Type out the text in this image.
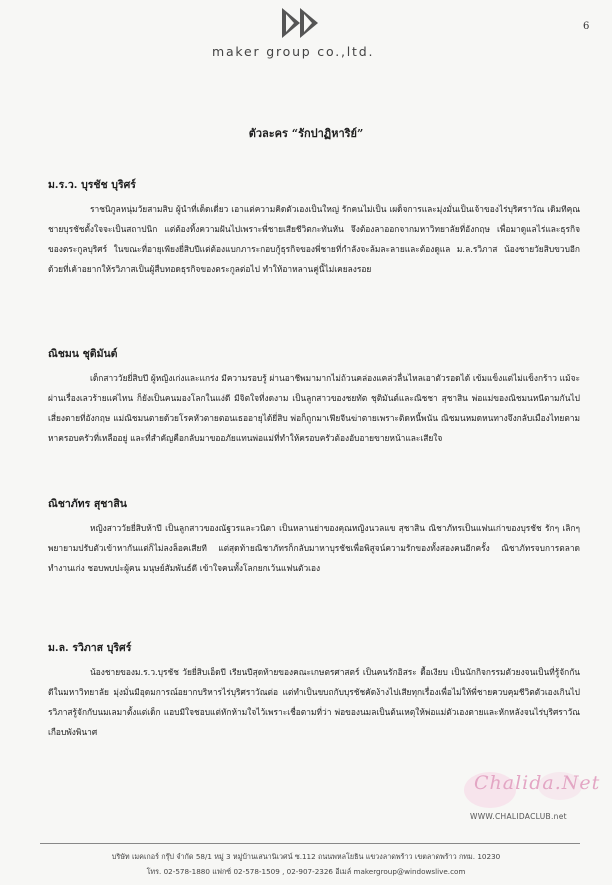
6
maker group co.,ltd.
ตัวละคร “รักปาฏิหาริย์”
ม.ร.ว. บุรชัช บุริศร์

ราชนิกูลหนุ่มวัยสามสิบ ผู้นำที่เด็ดเดี่ยว เอาแต่ความคิดตัวเองเป็นใหญ่ รักคนไม่เป็น เผด็จการและมุ่งมั่นเป็นเจ้าของไร่บุริศราวัณ เดิมทีคุณชายบุรชัชตั้งใจจะเป็นสถาปนิก แต่ต้องทิ้งความฝันไปเพราะพี่ชายเสียชีวิตกะทันหัน จึงต้องลาออกจากมหาวิทยาลัยที่อังกฤษ เพื่อมาดูแลไร่และธุรกิจของตระกูลบุริศร์ ในขณะที่อายุเพียงยี่สิบปีแต่ต้องแบกภาระกอบกู้ธุรกิจของพี่ชายที่กำลังจะล้มละลายและต้องดูแล ม.ล.รวิภาส น้องชายวัยสิบขวบอีกด้วยที่เค้าอยากให้รวิภาสเป็นผู้สืบทอดธุรกิจของตระกูลต่อไป ทำให้อาหลานคู่นี้ไม่เคยลงรอย

ณิชมน ชุติมันต์

เด็กสาววัยยี่สิบปี ผู้หญิงเก่งและแกร่ง มีความรอบรู้ ผ่านอาชีพมามากไม่ถ้วนคล่องแคล่วลื่นไหลเอาตัวรอดได้ เข้มแข็งแต่ไม่แข็งกร้าว แม้จะผ่านเรื่องเลวร้ายแค่ไหน ก็ยังเป็นคนมองโลกในแง่ดี มีจิตใจที่งดงาม เป็นลูกสาวของชยทัต ชุติมันต์และณิชชา สุชาสิน พ่อแม่ของณิชมนหนีตามกันไปเสี่ยงตายที่อังกฤษ แม่ณิชมนตายด้วยโรคหัวตายตอนเธออายุได้ยี่สิบ พ่อก็ถูกมาเฟียจีนฆ่าตายเพราะติดหนี้พนัน ณิชมนหมดหนทางจึงกลับเมืองไทยตามหาครอบครัวที่เหลืออยู่ และที่สำคัญคือกลับมาขออภัยแทนพ่อแม่ที่ทำให้ครอบครัวต้องอับอายขายหน้าและเสียใจ

ณิชาภัทร สุชาสิน

หญิงสาววัยยี่สิบห้าปี เป็นลูกสาวของณัฐวรและวนิดา เป็นหลานย่าของคุณหญิงนวลแข สุชาสิน ณิชาภัทรเป็นแฟนเก่าของบุรชัช รักๆ เลิกๆ พยายามปรับตัวเข้าหากันแต่ก็ไม่ลงล็อคเสียที แต่สุดท้ายณิชาภัทรก็กลับมาหาบุรชัชเพื่อพิสูจน์ความรักของทั้งสองคนอีกครั้ง ณิชาภัทรจบการตลาด ทำงานเก่ง ชอบพบปะผู้คน มนุษย์สัมพันธ์ดี เข้าใจคนทั้งโลกยกเว้นแฟนตัวเอง

ม.ล. รวิภาส บุริศร์

น้องชายของม.ร.ว.บุรชัช วัยยี่สิบเอ็ดปี เรียนปีสุดท้ายของคณะเกษตรศาสตร์ เป็นคนรักอิสระ ดื้อเงียบ เป็นนักกิจกรรมตัวยงจนเป็นที่รู้จักกันดีในมหาวิทยาลัย มุ่งมั่นมีอุดมการณ์อยากบริหารไร่บุริศราวัณต่อ แต่ทำเป็นขบถกับบุรชัชคัดง้างไปเสียทุกเรื่องเพื่อไม่ให้พี่ชายควบคุมชีวิตตัวเองเกินไป รวิภาสรู้จักกับนมเลมาตั้งแต่เด็ก แอบมีใจชอบแต่หักห้ามใจไว้เพราะเชื่อตามที่ว่า พ่อของนมลเป็นต้นเหตุให้พ่อแม่ตัวเองตายและหักหลังจนไร่บุริศราวัณเกือบพังพินาศ

Chalida.Net
WWW.CHALIDACLUB.net
บริษัท เมคเกอร์ กรุ๊ป จำกัด 58/1 หมู่ 3 หมู่บ้านเสนานิเวศน์ ซ.112 ถนนพหลโยธิน แขวงลาดพร้าว เขตลาดพร้าว กทม. 10230
โทร. 02-578-1880 แฟกซ์ 02-578-1509 , 02-907-2326 อีเมล์ makergroup@windowslive.com
